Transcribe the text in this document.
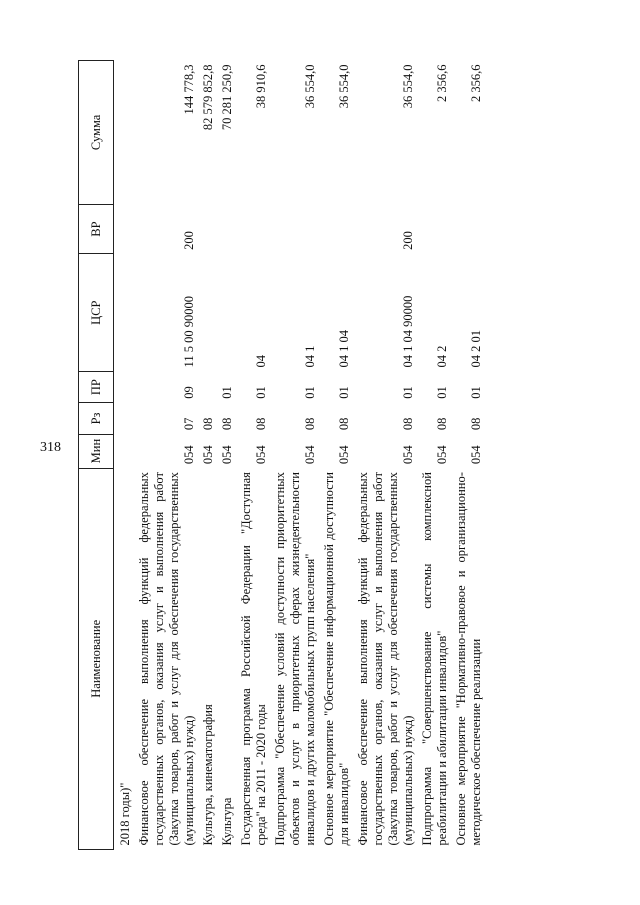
318
Наименование	Мин	Рз	ПР	ЦСР	ВР	Сумма
2018 годы)"						
Финансовое обеспечение выполнения функций федеральных государственных органов, оказания услуг и выполнения работ (Закупка товаров, работ и услуг для обеспечения государственных (муниципальных) нужд)	054	07	09	11 5 00 90000	200	144 778,3
Культура, кинематография	054	08				82 579 852,8
Культура	054	08	01			70 281 250,9
Государственная программа Российской Федерации "Доступная среда" на 2011 - 2020 годы	054	08	01	04		38 910,6
Подпрограмма "Обеспечение условий доступности приоритетных объектов и услуг в приоритетных сферах жизнедеятельности инвалидов и других маломобильных групп населения"	054	08	01	04 1		36 554,0
Основное мероприятие "Обеспечение информационной доступности для инвалидов"	054	08	01	04 1 04		36 554,0
Финансовое обеспечение выполнения функций федеральных государственных органов, оказания услуг и выполнения работ (Закупка товаров, работ и услуг для обеспечения государственных (муниципальных) нужд)	054	08	01	04 1 04 90000	200	36 554,0
Подпрограмма "Совершенствование системы комплексной реабилитации и абилитации инвалидов"	054	08	01	04 2		2 356,6
Основное мероприятие "Нормативно-правовое и организационно-методическое обеспечение реализации	054	08	01	04 2 01		2 356,6
